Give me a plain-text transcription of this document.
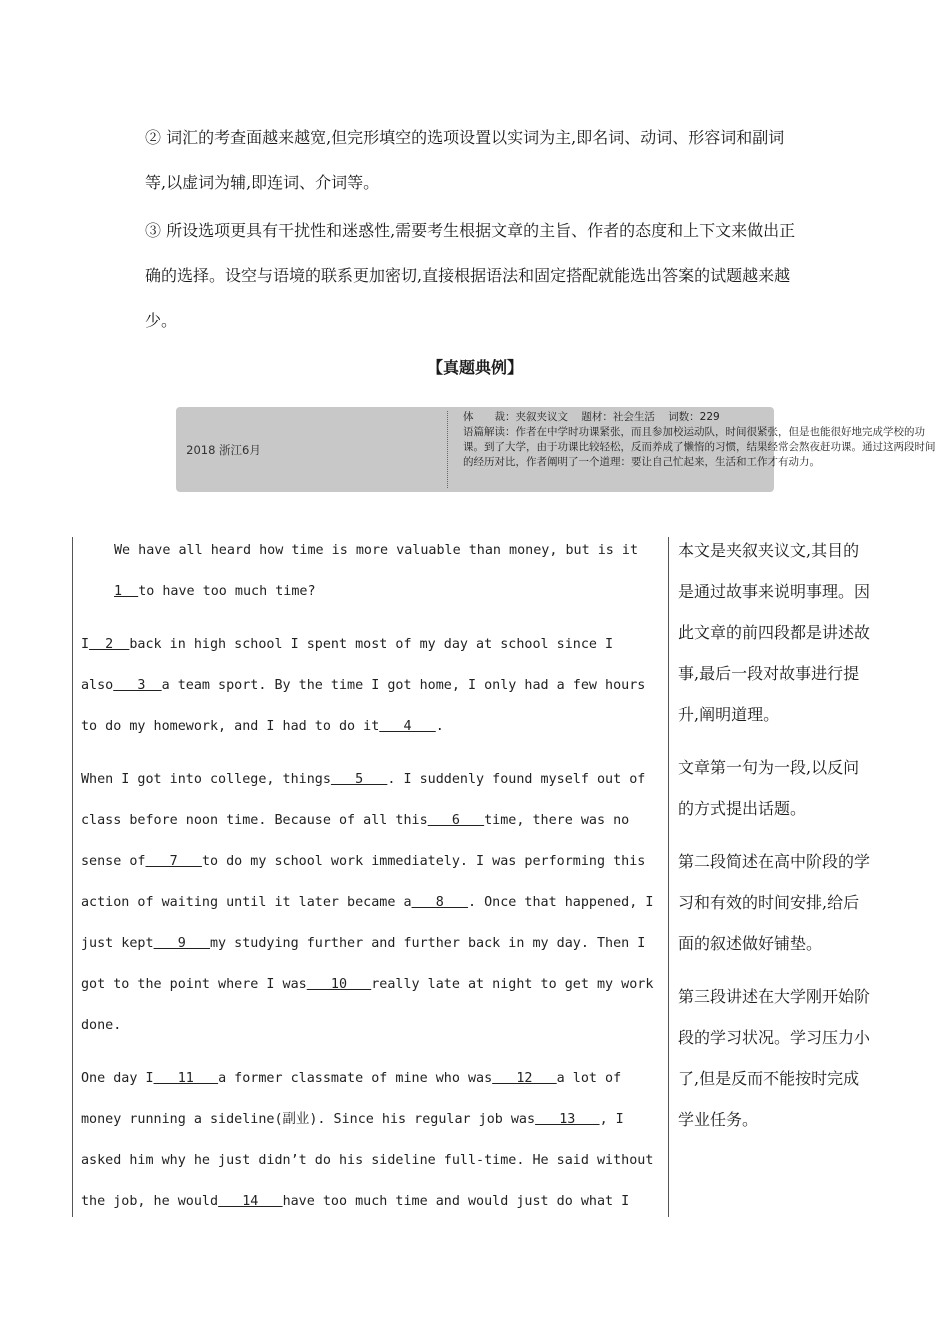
② 词汇的考查面越来越宽,但完形填空的选项设置以实词为主,即名词、动词、形容词和副词等,以虚词为辅,即连词、介词等。

③ 所设选项更具有干扰性和迷惑性,需要考生根据文章的主旨、作者的态度和上下文来做出正确的选择。设空与语境的联系更加密切,直接根据语法和固定搭配就能选出答案的试题越来越少。

【真题典例】
2018 浙江6月
体　　裁：夹叙夹议文 题材：社会生活 词数：229
语篇解读：作者在中学时功课紧张，而且参加校运动队，时间很紧张，但是也能很好地完成学校的功课。到了大学，由于功课比较轻松，反而养成了懒惰的习惯，结果经常会熬夜赶功课。通过这两段时间的经历对比，作者阐明了一个道理：要让自己忙起来，生活和工作才有动力。

We have all heard how time is more valuable than money, but is it 1  to have too much time?

I  2  back in high school I spent most of my day at school since I also   3  a team sport. By the time I got home, I only had a few hours to do my homework, and I had to do it   4   .

When I got into college, things   5   . I suddenly found myself out of class before noon time. Because of all this   6   time, there was no sense of   7   to do my school work immediately. I was performing this action of waiting until it later became a   8   . Once that happened, I just kept   9   my studying further and further back in my day. Then I got to the point where I was   10   really late at night to get my work done.

One day I   11   a former classmate of mine who was   12   a lot of money running a sideline(副业). Since his regular job was   13   , I asked him why he just didn’t do his sideline full-time. He said without the job, he would   14   have too much time and would just do what I

本文是夹叙夹议文,其目的是通过故事来说明事理。因此文章的前四段都是讲述故事,最后一段对故事进行提升,阐明道理。

文章第一句为一段,以反问的方式提出话题。

第二段简述在高中阶段的学习和有效的时间安排,给后面的叙述做好铺垫。

第三段讲述在大学刚开始阶段的学习状况。学习压力小了,但是反而不能按时完成学业任务。
